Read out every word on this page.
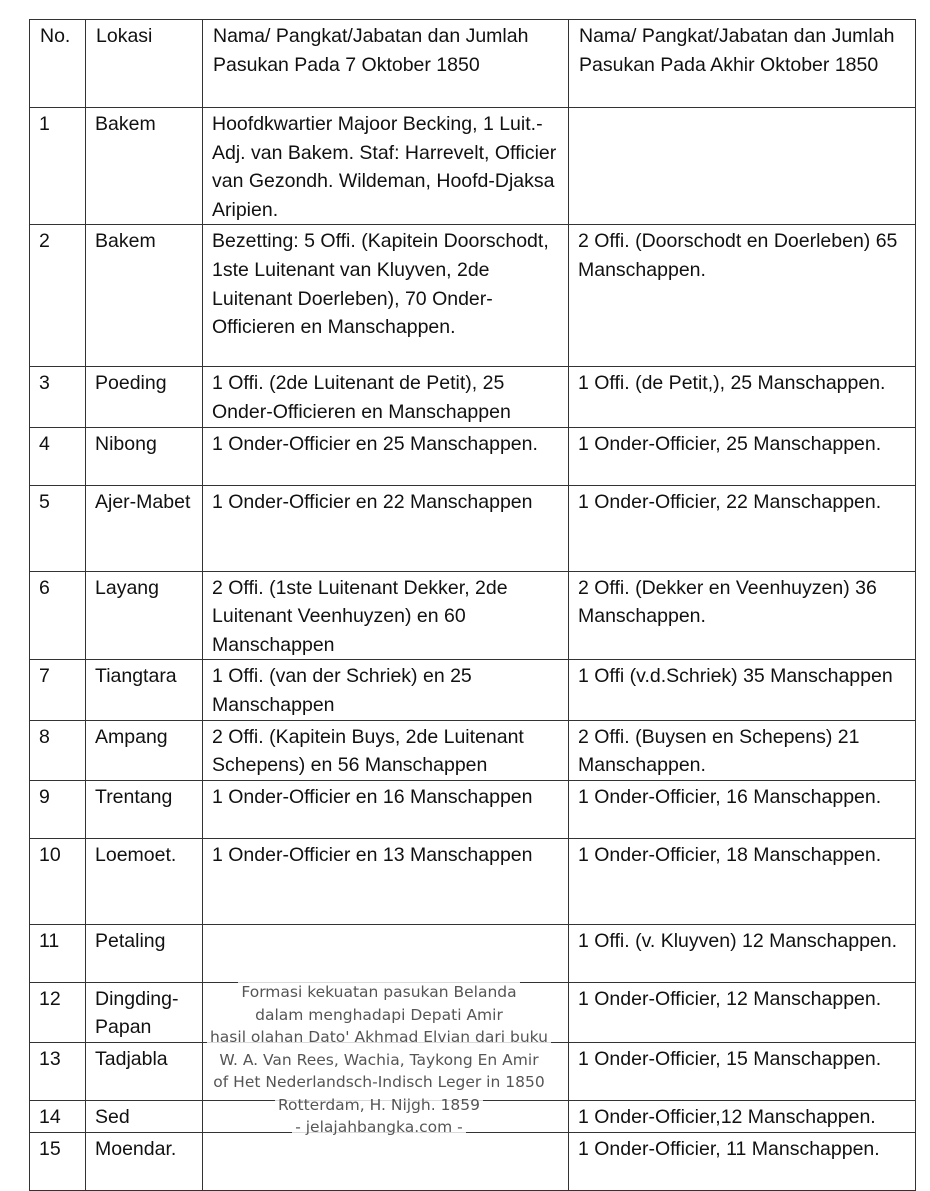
No.	Lokasi	Nama/ Pangkat/Jabatan dan Jumlah Pasukan Pada 7 Oktober 1850	Nama/ Pangkat/Jabatan dan Jumlah Pasukan Pada Akhir Oktober 1850
1	Bakem	Hoofdkwartier Majoor Becking, 1 Luit.-Adj. van Bakem. Staf: Harrevelt, Officier van Gezondh. Wildeman, Hoofd-Djaksa Aripien.	
2	Bakem	Bezetting: 5 Offi. (Kapitein Doorschodt, 1ste Luitenant van Kluyven, 2de Luitenant Doerleben), 70 Onder-Officieren en Manschappen.	2 Offi. (Doorschodt en Doerleben) 65 Manschappen.
3	Poeding	1 Offi. (2de Luitenant de Petit), 25 Onder-Officieren en Manschappen	1 Offi. (de Petit,), 25 Manschappen.
4	Nibong	1 Onder-Officier en 25 Manschappen.	1 Onder-Officier, 25 Manschappen.
5	Ajer-Mabet	1 Onder-Officier en 22 Manschappen	1 Onder-Officier, 22 Manschappen.
6	Layang	2 Offi. (1ste Luitenant Dekker, 2de Luitenant Veenhuyzen) en 60 Manschappen	2 Offi. (Dekker en Veenhuyzen) 36 Manschappen.
7	Tiangtara	1 Offi. (van der Schriek) en 25 Manschappen	1 Offi (v.d.Schriek) 35 Manschappen
8	Ampang	2 Offi. (Kapitein Buys, 2de Luitenant Schepens) en 56 Manschappen	2 Offi. (Buysen en Schepens) 21 Manschappen.
9	Trentang	1 Onder-Officier en 16 Manschappen	1 Onder-Officier, 16 Manschappen.
10	Loemoet.	1 Onder-Officier en 13 Manschappen	1 Onder-Officier, 18 Manschappen.
11	Petaling		1 Offi. (v. Kluyven) 12 Manschappen.
12	Dingding-Papan		1 Onder-Officier, 12 Manschappen.
13	Tadjabla		1 Onder-Officier, 15 Manschappen.
14	Sed		1 Onder-Officier,12 Manschappen.
15	Moendar.		1 Onder-Officier, 11 Manschappen.
Formasi kekuatan pasukan Belanda
dalam menghadapi Depati Amir
hasil olahan Dato' Akhmad Elvian dari buku
W. A. Van Rees, Wachia, Taykong En Amir
of Het Nederlandsch-Indisch Leger in 1850
Rotterdam, H. Nijgh. 1859
- jelajahbangka.com -
